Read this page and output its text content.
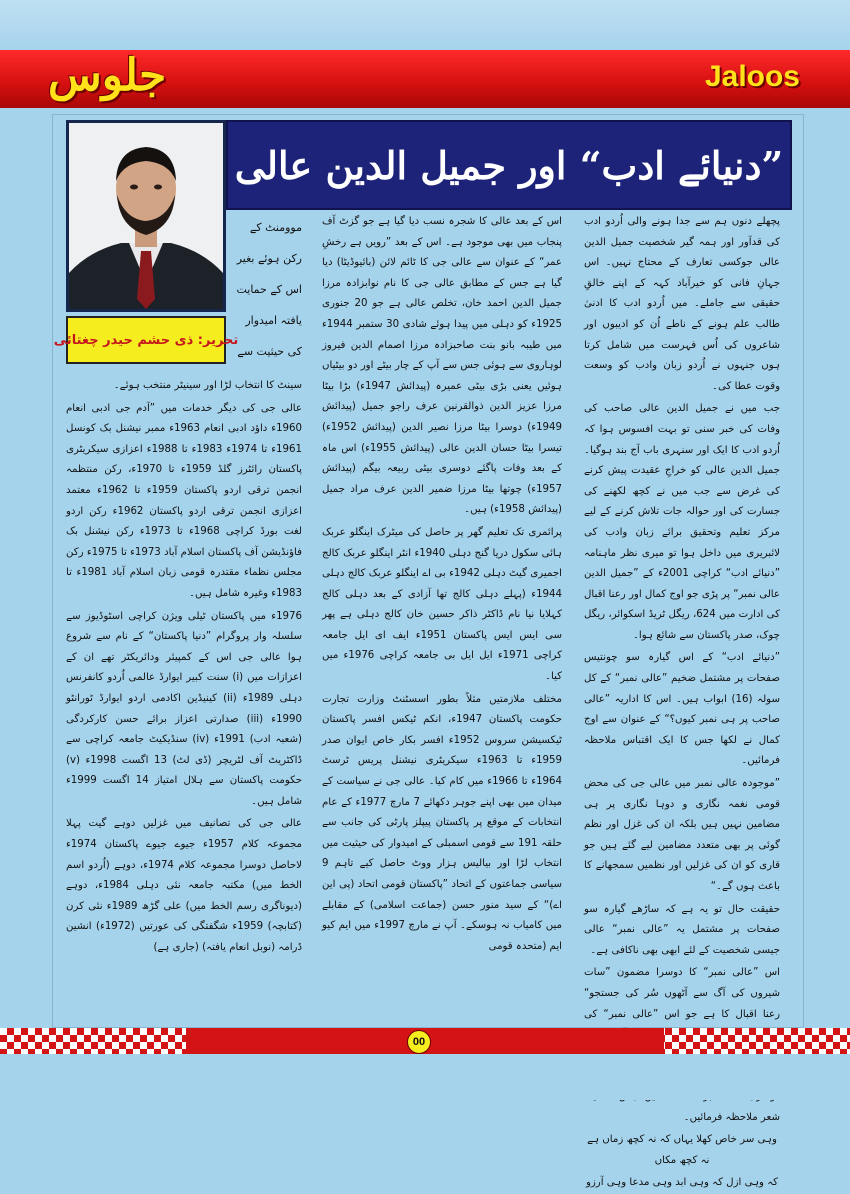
جلوس	Jaloos
”دنیائے ادب“ اور جمیل الدین عالی
تحریر: ذی حشم حیدر چغتائی

پچھلے دنوں ہم سے جدا ہونے والی اُردو ادب کی قدآور اور ہمہ گیر شخصیت جمیل الدین عالی جوکسی تعارف کے محتاج نہیں۔ اس جہانِ فانی کو خیرآباد کہہ کے اپنے خالقِ حقیقی سے جاملے۔ میں اُردو ادب کا ادنیٰ طالب علم ہونے کے ناطے اُن کو ادیبوں اور شاعروں کی اُس فہرست میں شامل کرتا ہوں جنہوں نے اُردو زبان وادب کو وسعت وقوت عطا کی۔

جب میں نے جمیل الدین عالی صاحب کی وفات کی خبر سنی تو بہت افسوس ہوا کہ اُردو ادب کا ایک اور سنہری باب آج بند ہوگیا۔ جمیل الدین عالی کو خراجِ عقیدت پیش کرنے کی غرض سے جب میں نے کچھ لکھنے کی جسارت کی اور حوالہ جات تلاش کرنے کے لیے مرکز تعلیم وتحقیق برائے زبان وادب کی لائبریری میں داخل ہوا تو میری نظر ماہنامہ ”دنیائے ادب“ کراچی 2001ء کے ”جمیل الدین عالی نمبر“ پر پڑی جو اوج کمال اور رعنا اقبال کی ادارت میں 624، ریگل ٹریڈ اسکوائر، ریگل چوک، صدر پاکستان سے شائع ہوا۔

”دنیائے ادب“ کے اس گیارہ سو چونتیس صفحات پر مشتمل ضخیم ”عالی نمبر“ کے کل سولہ (16) ابواب ہیں۔ اس کا اداریہ ”عالی صاحب پر ہی نمبر کیوں؟“ کے عنوان سے اوج کمال نے لکھا جس کا ایک اقتباس ملاحظہ فرمائیں۔

”موجودہ عالی نمبر میں عالی جی کی محض قومی نغمہ نگاری و دوہا نگاری پر ہی مضامین نہیں ہیں بلکہ ان کی غزل اور نظم گوئی پر بھی متعدد مضامین لیے گئے ہیں جو قاری کو ان کی غزلیں اور نظمیں سمجھانے کا باعث ہوں گے۔“

حقیقت حال تو یہ ہے کہ ساڑھے گیارہ سو صفحات پر مشتمل یہ ”عالی نمبر“ عالی جیسی شخصیت کے لئے ابھی بھی ناکافی ہے۔

اس ”عالی نمبر“ کا دوسرا مضمون ”سات شیروں کی آگ سے آٹھوں سُر کی جستجو“ رعنا اقبال کا ہے جو اس ”عالی نمبر“ کی شعر ملاحظہ فرمائیں۔

وہی سر خاص کھلا یہاں کہ نہ کچھ زماں ہے نہ کچھ مکاں

کہ وہی ازل کہ وہی ابد وہی مدعا وہی آرزو

اس کے بعد عالی کا شجرہ نسب دیا گیا ہے جو گزٹ آف پنجاب میں بھی موجود ہے۔ اس کے بعد ”رویں ہے رخشِ عمر“ کے عنوان سے عالی جی کا ٹائم لائن (بائیوڈیٹا) دیا گیا ہے جس کے مطابق عالی جی کا نام نوابزادہ مرزا جمیل الدین احمد خان، تخلص عالی ہے جو 20 جنوری 1925ء کو دہلی میں پیدا ہوئے شادی 30 ستمبر 1944ء میں طیبہ بانو بنت صاحبزادہ مرزا اصمام الدین فیروز لوہاروی سے ہوئی جس سے آپ کے چار بیٹے اور دو بیٹیاں ہوئیں یعنی بڑی بیٹی عمیرہ (پیدائش 1947ء) بڑا بیٹا مرزا عزیز الدین ذوالقرنین عرف راجو جمیل (پیدائش 1949ء) دوسرا بیٹا مرزا نصیر الدین (پیدائش 1952ء) تیسرا بیٹا حسان الدین عالی (پیدائش 1955ء) اس ماہ کے بعد وفات پاگئے دوسری بیٹی ربیعہ بیگم (پیدائش 1957ء) چوتھا بیٹا مرزا ضمیر الدین عرف مراد جمیل (پیدائش 1958ء) ہیں۔

پرائمری تک تعلیم گھر پر حاصل کی میٹرک اینگلو عربک ہائی سکول دریا گنج دہلی 1940ء انٹر اینگلو عربک کالج اجمیری گیٹ دہلی 1942ء بی اے اینگلو عربک کالج دہلی 1944ء (پہلے دہلی کالج تھا آزادی کے بعد دہلی کالج کہلایا نیا نام ڈاکٹر ذاکر حسین خان کالج دہلی ہے پھر سی ایس ایس پاکستان 1951ء ایف ای ایل جامعہ کراچی 1971ء ایل ایل بی جامعہ کراچی 1976ء میں کیا۔

مختلف ملازمتیں مثلاً بطور اسسٹنٹ وزارت تجارت حکومت پاکستان 1947ء، انکم ٹیکس افسر پاکستان ٹیکسیشن سروس 1952ء افسر بکار خاص ایوان صدر 1959ء تا 1963ء سیکریٹری نیشنل پریس ٹرسٹ 1964ء تا 1966ء میں کام کیا۔ عالی جی نے سیاست کے میدان میں بھی اپنے جوہر دکھائے 7 مارچ 1977ء کے عام انتخابات کے موقع پر پاکستان پیپلز پارٹی کی جانب سے حلقہ 191 سے قومی اسمبلی کے امیدوار کی حیثیت میں انتخاب لڑا اور بیالیس ہزار ووٹ حاصل کیے تاہم 9 سیاسی جماعتوں کے اتحاد ”پاکستان قومی اتحاد (پی این اے)“ کے سید منور حسن (جماعت اسلامی) کے مقابلے میں کامیاب نہ ہوسکے۔ آپ نے مارچ 1997ء میں ایم کیو ایم (متحدہ قومی

موومنٹ کے رکن ہوئے بغیر اس کے حمایت یافتہ امیدوار کی حیثیت سے

سینٹ کا انتخاب لڑا اور سینیٹر منتخب ہوئے۔

عالی جی کی دیگر خدمات میں ”آدم جی ادبی انعام 1960ء داؤد ادبی انعام 1963ء ممبر نیشنل بک کونسل 1961ء تا 1974ء 1983ء تا 1988ء اعزازی سیکریٹری پاکستان رائٹرز گلڈ 1959ء تا 1970ء، رکن منتظمہ انجمن ترقی اردو پاکستان 1959ء تا 1962ء معتمد اعزازی انجمن ترقی اردو پاکستان 1962ء رکن اردو لغت بورڈ کراچی 1968ء تا 1973ء رکن نیشنل بک فاؤنڈیشن آف پاکستان اسلام آباد 1973ء تا 1975ء رکن مجلس نظماء مقتدرہ قومی زبان اسلام آباد 1981ء تا 1983ء وغیرہ شامل ہیں۔

1976ء میں پاکستان ٹیلی ویژن کراچی اسٹوڈیوز سے سلسلہ وار پروگرام ”دنیا پاکستان“ کے نام سے شروع ہوا عالی جی اس کے کمپیئر ودائریکٹر تھے ان کے اعزازات میں (i) سنت کبیر ایوارڈ عالمی اُردو کانفرنس دہلی 1989ء (ii) کینیڈین اکادمی اردو ایوارڈ ٹورانٹو 1990ء (iii) صدارتی اعزاز برائے حسن کارکردگی (شعبہ ادب) 1991ء (iv) سنڈیکیٹ جامعہ کراچی سے ڈاکٹریٹ آف لٹریچر (ڈی لٹ) 13 اگست 1998ء (v) حکومت پاکستان سے ہلال امتیاز 14 اگست 1999ء شامل ہیں۔

عالی جی کی تصانیف میں غزلیں دوہے گیت پہلا مجموعہ کلام 1957ء جیوے جیوے پاکستان 1974ء لاحاصل دوسرا مجموعہ کلام 1974ء، دوہے (اُردو اسم الخط میں) مکتبہ جامعہ نئی دہلی 1984ء، دوہے (دیوناگری رسم الخط میں) علی گڑھ 1989ء نئی کرن (کتابچہ) 1959ء شگفتگی کی عورتیں (1972ء) انشین ڈرامہ (نوبل انعام یافتہ) (جاری ہے)

00
